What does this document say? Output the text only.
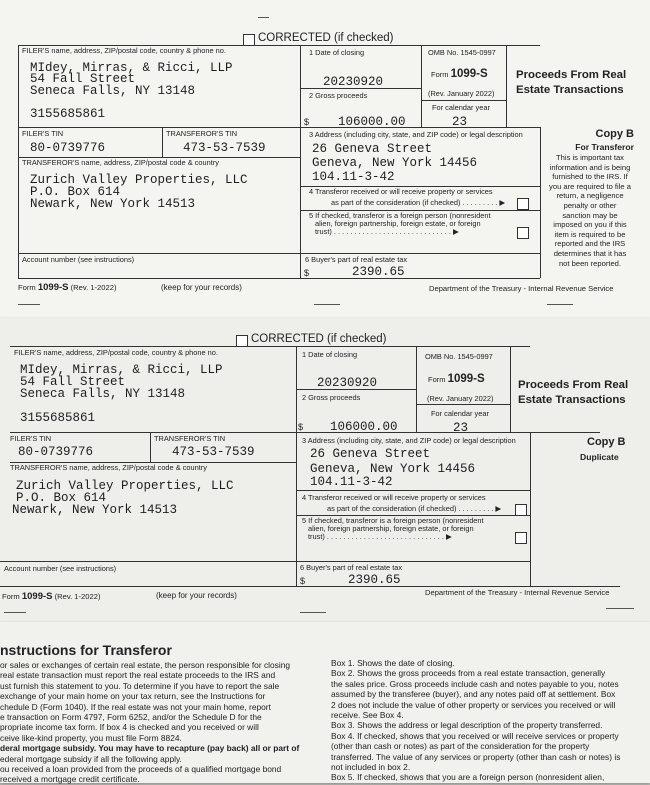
CORRECTED (if checked)
FILER'S name, address, ZIP/postal code, country & phone no.
MIdey, Mirras, & Ricci, LLP
54 Fall Street
Seneca Falls, NY 13148
3155685861
1 Date of closing
20230920
OMB No. 1545-0997
Form 1099-S
(Rev. January 2022)
For calendar year
23
2 Gross proceeds
$ 106000.00
Proceeds From Real
Estate Transactions
FILER'S TIN
80-0739776
TRANSFEROR'S TIN
473-53-7539
3 Address (including city, state, and ZIP code) or legal description
26 Geneva Street
Geneva, New York 14456
104.11-3-42
TRANSFEROR'S name, address, ZIP/postal code & country
Zurich Valley Properties, LLC
P.O. Box 614
Newark, New York 14513
4 Transferor received or will receive property or services
as part of the consideration (if checked) . . . . . . . . . ▶
5 If checked, transferor is a foreign person (nonresident
alien, foreign partnership, foreign estate, or foreign
trust) . . . . . . . . . . . . . . . . . . . . . . . . . . . . . ▶
Account number (see instructions)	6 Buyer's part of real estate tax
$	2390.65
Copy B
For Transferor
This is important tax
information and is being
furnished to the IRS. If
you are required to file a
return, a negligence
penalty or other
sanction may be
imposed on you if this
item is required to be
reported and the IRS
determines that it has
not been reported.
Form 1099-S (Rev. 1-2022)	(keep for your records)	Department of the Treasury - Internal Revenue Service
CORRECTED (if checked)
FILER'S name, address, ZIP/postal code, country & phone no.
MIdey, Mirras, & Ricci, LLP
54 Fall Street
Seneca Falls, NY 13148
3155685861
1 Date of closing
20230920
OMB No. 1545-0997
Form 1099-S
(Rev. January 2022)
For calendar year
23
2 Gross proceeds
$ 106000.00
Proceeds From Real
Estate Transactions
FILER'S TIN
80-0739776
TRANSFEROR'S TIN
473-53-7539
3 Address (including city, state, and ZIP code) or legal description
26 Geneva Street
Geneva, New York 14456
104.11-3-42
TRANSFEROR'S name, address, ZIP/postal code & country
Zurich Valley Properties, LLC
P.O. Box 614
Newark, New York 14513
4 Transferor received or will receive property or services
as part of the consideration (if checked) . . . . . . . . . ▶
5 If checked, transferor is a foreign person (nonresident
alien, foreign partnership, foreign estate, or foreign
trust) . . . . . . . . . . . . . . . . . . . . . . . . . . . . . ▶
Account number (see instructions)	6 Buyer's part of real estate tax
$	2390.65
Copy B
Duplicate
Form 1099-S (Rev. 1-2022)	(keep for your records)	Department of the Treasury - Internal Revenue Service
nstructions for Transferor

or sales or exchanges of certain real estate, the person responsible for closing

real estate transaction must report the real estate proceeds to the IRS and

ust furnish this statement to you. To determine if you have to report the sale

exchange of your main home on your tax return, see the Instructions for

chedule D (Form 1040). If the real estate was not your main home, report

e transaction on Form 4797, Form 6252, and/or the Schedule D for the

propriate income tax form. If box 4 is checked and you received or will

ceive like-kind property, you must file Form 8824.

deral mortgage subsidy. You may have to recapture (pay back) all or part of

ederal mortgage subsidy if all the following apply.

ou received a loan provided from the proceeds of a qualified mortgage bond

received a mortgage credit certificate.

Box 1. Shows the date of closing.

Box 2. Shows the gross proceeds from a real estate transaction, generally

the sales price. Gross proceeds include cash and notes payable to you, notes

assumed by the transferee (buyer), and any notes paid off at settlement. Box

2 does not include the value of other property or services you received or will

receive. See Box 4.

Box 3. Shows the address or legal description of the property transferred.

Box 4. If checked, shows that you received or will receive services or property

(other than cash or notes) as part of the consideration for the property

transferred. The value of any services or property (other than cash or notes) is

not included in box 2.

Box 5. If checked, shows that you are a foreign person (nonresident alien,
